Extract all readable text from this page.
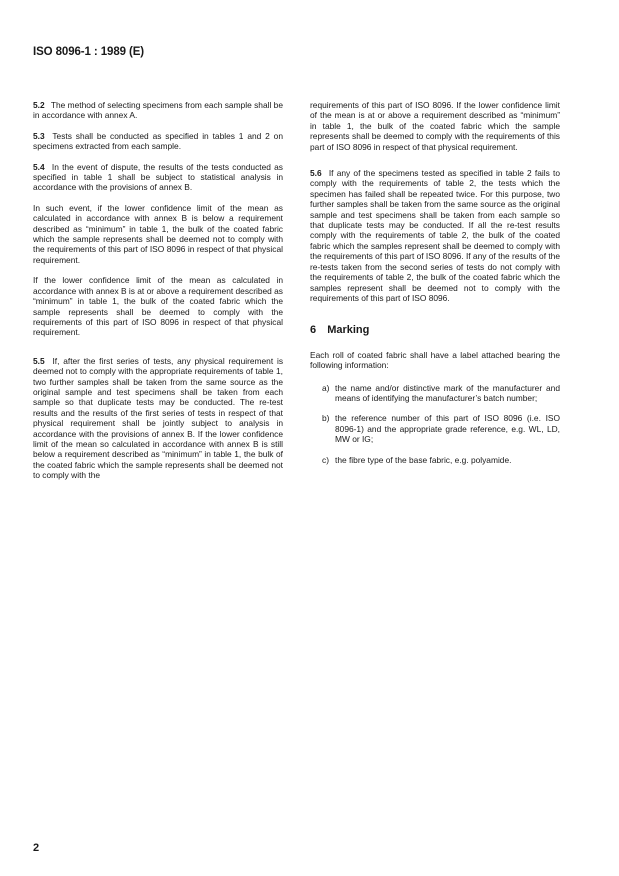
ISO 8096-1 : 1989 (E)

5.2 The method of selecting specimens from each sample shall be in accordance with annex A.

5.3 Tests shall be conducted as specified in tables 1 and 2 on specimens extracted from each sample.

5.4 In the event of dispute, the results of the tests conducted as specified in table 1 shall be subject to statistical analysis in accordance with the provisions of annex B.

In such event, if the lower confidence limit of the mean as calculated in accordance with annex B is below a requirement described as “minimum” in table 1, the bulk of the coated fabric which the sample represents shall be deemed not to comply with the requirements of this part of ISO 8096 in respect of that physical requirement.

If the lower confidence limit of the mean as calculated in accordance with annex B is at or above a requirement described as “minimum” in table 1, the bulk of the coated fabric which the sample represents shall be deemed to comply with the requirements of this part of ISO 8096 in respect of that physical requirement.

5.5 If, after the first series of tests, any physical requirement is deemed not to comply with the appropriate requirements of table 1, two further samples shall be taken from the same source as the original sample and test specimens shall be taken from each sample so that duplicate tests may be conducted. The re-test results and the results of the first series of tests in respect of that physical requirement shall be jointly subject to analysis in accordance with the provisions of annex B. If the lower confidence limit of the mean so calculated in accordance with annex B is still below a requirement described as “minimum” in table 1, the bulk of the coated fabric which the sample represents shall be deemed not to comply with the

requirements of this part of ISO 8096. If the lower confidence limit of the mean is at or above a requirement described as “minimum” in table 1, the bulk of the coated fabric which the sample represents shall be deemed to comply with the requirements of this part of ISO 8096 in respect of that physical requirement.

5.6 If any of the specimens tested as specified in table 2 fails to comply with the requirements of table 2, the tests which the specimen has failed shall be repeated twice. For this purpose, two further samples shall be taken from the same source as the original sample and test specimens shall be taken from each sample so that duplicate tests may be conducted. If all the re-test results comply with the requirements of table 2, the bulk of the coated fabric which the samples represent shall be deemed to comply with the requirements of this part of ISO 8096. If any of the results of the re-tests taken from the second series of tests do not comply with the requirements of table 2, the bulk of the coated fabric which the samples represent shall be deemed not to comply with the requirements of this part of ISO 8096.

6 Marking

Each roll of coated fabric shall have a label attached bearing the following information:

a) the name and/or distinctive mark of the manufacturer and means of identifying the manufacturer’s batch number;
b) the reference number of this part of ISO 8096 (i.e. ISO 8096-1) and the appropriate grade reference, e.g. WL, LD, MW or IG;
c) the fibre type of the base fabric, e.g. polyamide.
2
